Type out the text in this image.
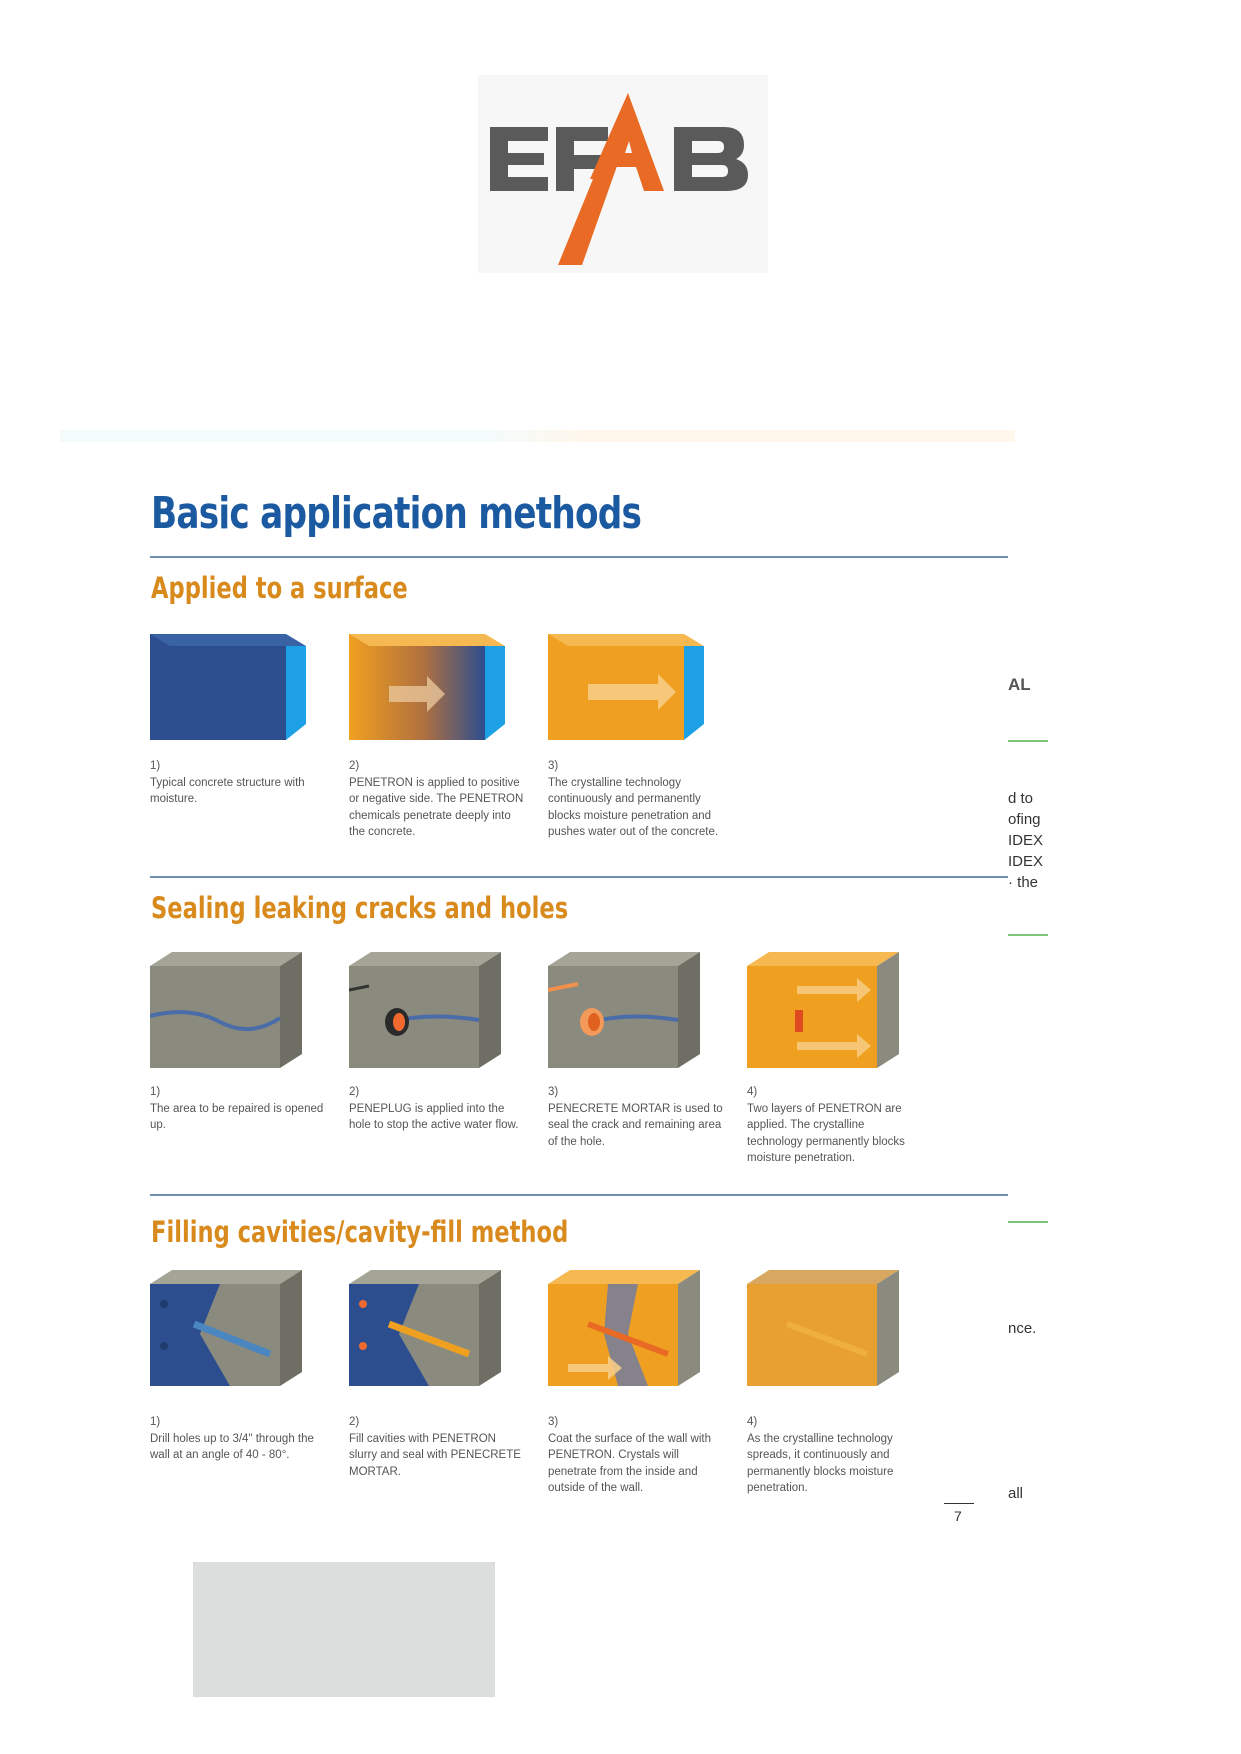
Basic application methods
Applied to a surface
1)
Typical concrete structure with moisture.
2)
PENETRON is applied to positive or negative side. The PENETRON chemicals penetrate deeply into the concrete.
3)
The crystalline technology continuously and permanently blocks moisture penetration and pushes water out of the concrete.
Sealing leaking cracks and holes
1)
The area to be repaired is opened up.
2)
PENEPLUG is applied into the hole to stop the active water flow.
3)
PENECRETE MORTAR is used to seal the crack and remaining area of the hole.
4)
Two layers of PENETRON are applied. The crystalline technology permanently blocks moisture penetration.
Filling cavities/cavity-fill method
1)
Drill holes up to 3/4" through the wall at an angle of 40 - 80°.
2)
Fill cavities with PENETRON slurry and seal with PENECRETE MORTAR.
3)
Coat the surface of the wall with PENETRON. Crystals will penetrate from the inside and outside of the wall.
4)
As the crystalline technology spreads, it continuously and permanently blocks moisture penetration.
AL
d to
ofing
IDEX
IDEX
· the
nce.
all
7
